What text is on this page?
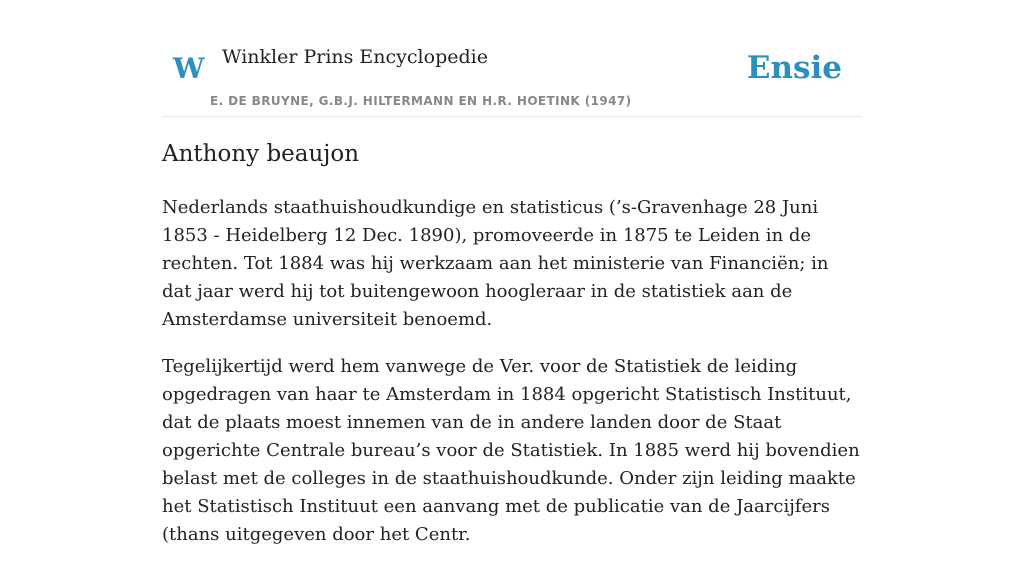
W Winkler Prins Encyclopedie
E. DE BRUYNE, G.B.J. HILTERMANN EN H.R. HOETINK (1947)
Ensie
Anthony beaujon

Nederlands staathuishoudkundige en statisticus (’s-Gravenhage 28 Juni 1853 - Heidelberg 12 Dec. 1890), promoveerde in 1875 te Leiden in de rechten. Tot 1884 was hij werkzaam aan het ministerie van Financiën; in dat jaar werd hij tot buitengewoon hoogleraar in de statistiek aan de Amsterdamse universiteit benoemd.

Tegelijkertijd werd hem vanwege de Ver. voor de Statistiek de leiding opgedragen van haar te Amsterdam in 1884 opgericht Statistisch Instituut, dat de plaats moest innemen van de in andere landen door de Staat opgerichte Centrale bureau’s voor de Statistiek. In 1885 werd hij bovendien belast met de colleges in de staathuishoudkunde. Onder zijn leiding maakte het Statistisch Instituut een aanvang met de publicatie van de Jaarcijfers (thans uitgegeven door het Centr.
